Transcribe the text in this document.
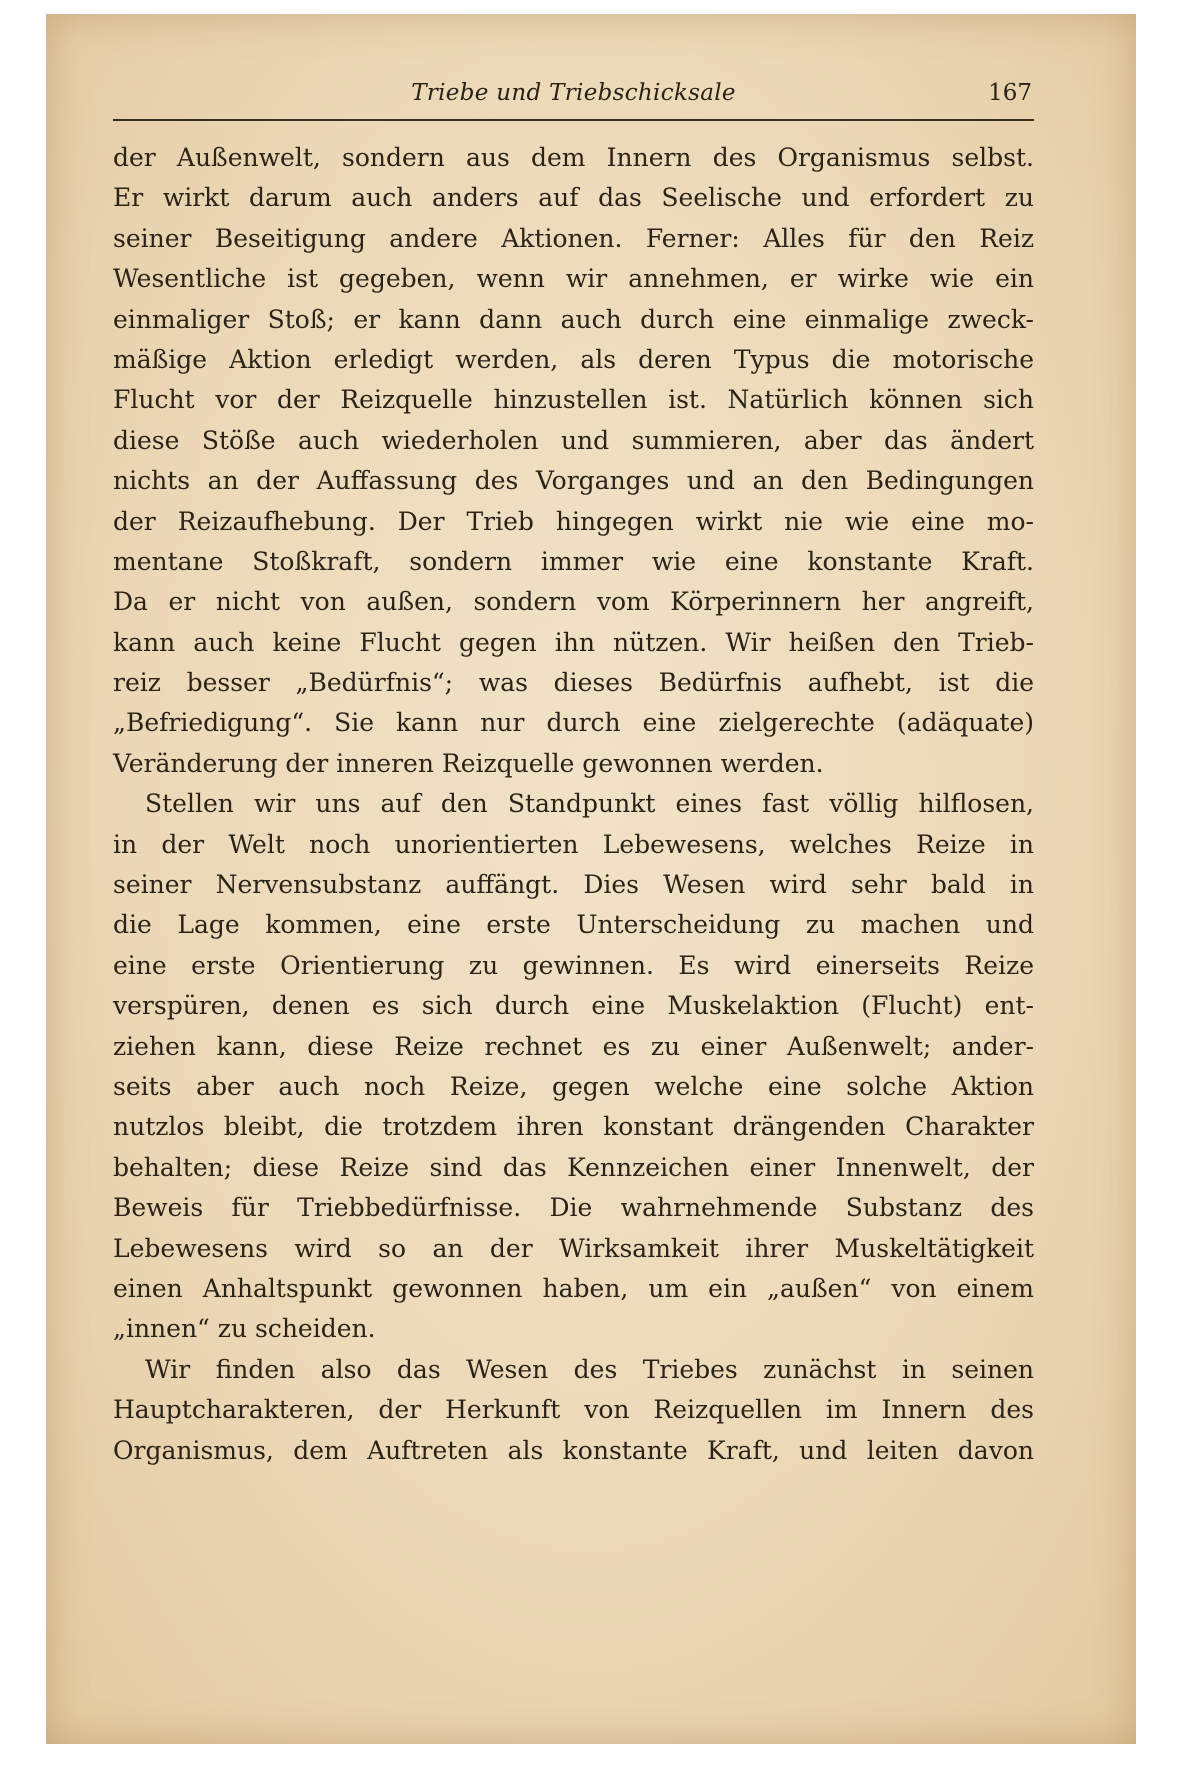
Triebe und Triebschicksale	167
der Außenwelt, sondern aus dem Innern des Organismus selbst.
Er wirkt darum auch anders auf das Seelische und erfordert zu
seiner Beseitigung andere Aktionen. Ferner: Alles für den Reiz
Wesentliche ist gegeben, wenn wir annehmen, er wirke wie ein
einmaliger Stoß; er kann dann auch durch eine einmalige zweck-
mäßige Aktion erledigt werden, als deren Typus die motorische
Flucht vor der Reizquelle hinzustellen ist. Natürlich können sich
diese Stöße auch wiederholen und summieren, aber das ändert
nichts an der Auffassung des Vorganges und an den Bedingungen
der Reizaufhebung. Der Trieb hingegen wirkt nie wie eine mo-
mentane Stoßkraft, sondern immer wie eine konstante Kraft.
Da er nicht von außen, sondern vom Körperinnern her angreift,
kann auch keine Flucht gegen ihn nützen. Wir heißen den Trieb-
reiz besser „Bedürfnis“; was dieses Bedürfnis aufhebt, ist die
„Befriedigung“. Sie kann nur durch eine zielgerechte (adäquate)
Veränderung der inneren Reizquelle gewonnen werden.
Stellen wir uns auf den Standpunkt eines fast völlig hilflosen,
in der Welt noch unorientierten Lebewesens, welches Reize in
seiner Nervensubstanz auffängt. Dies Wesen wird sehr bald in
die Lage kommen, eine erste Unterscheidung zu machen und
eine erste Orientierung zu gewinnen. Es wird einerseits Reize
verspüren, denen es sich durch eine Muskelaktion (Flucht) ent-
ziehen kann, diese Reize rechnet es zu einer Außenwelt; ander-
seits aber auch noch Reize, gegen welche eine solche Aktion
nutzlos bleibt, die trotzdem ihren konstant drängenden Charakter
behalten; diese Reize sind das Kennzeichen einer Innenwelt, der
Beweis für Triebbedürfnisse. Die wahrnehmende Substanz des
Lebewesens wird so an der Wirksamkeit ihrer Muskeltätigkeit
einen Anhaltspunkt gewonnen haben, um ein „außen“ von einem
„innen“ zu scheiden.
Wir finden also das Wesen des Triebes zunächst in seinen
Hauptcharakteren, der Herkunft von Reizquellen im Innern des
Organismus, dem Auftreten als konstante Kraft, und leiten davon
